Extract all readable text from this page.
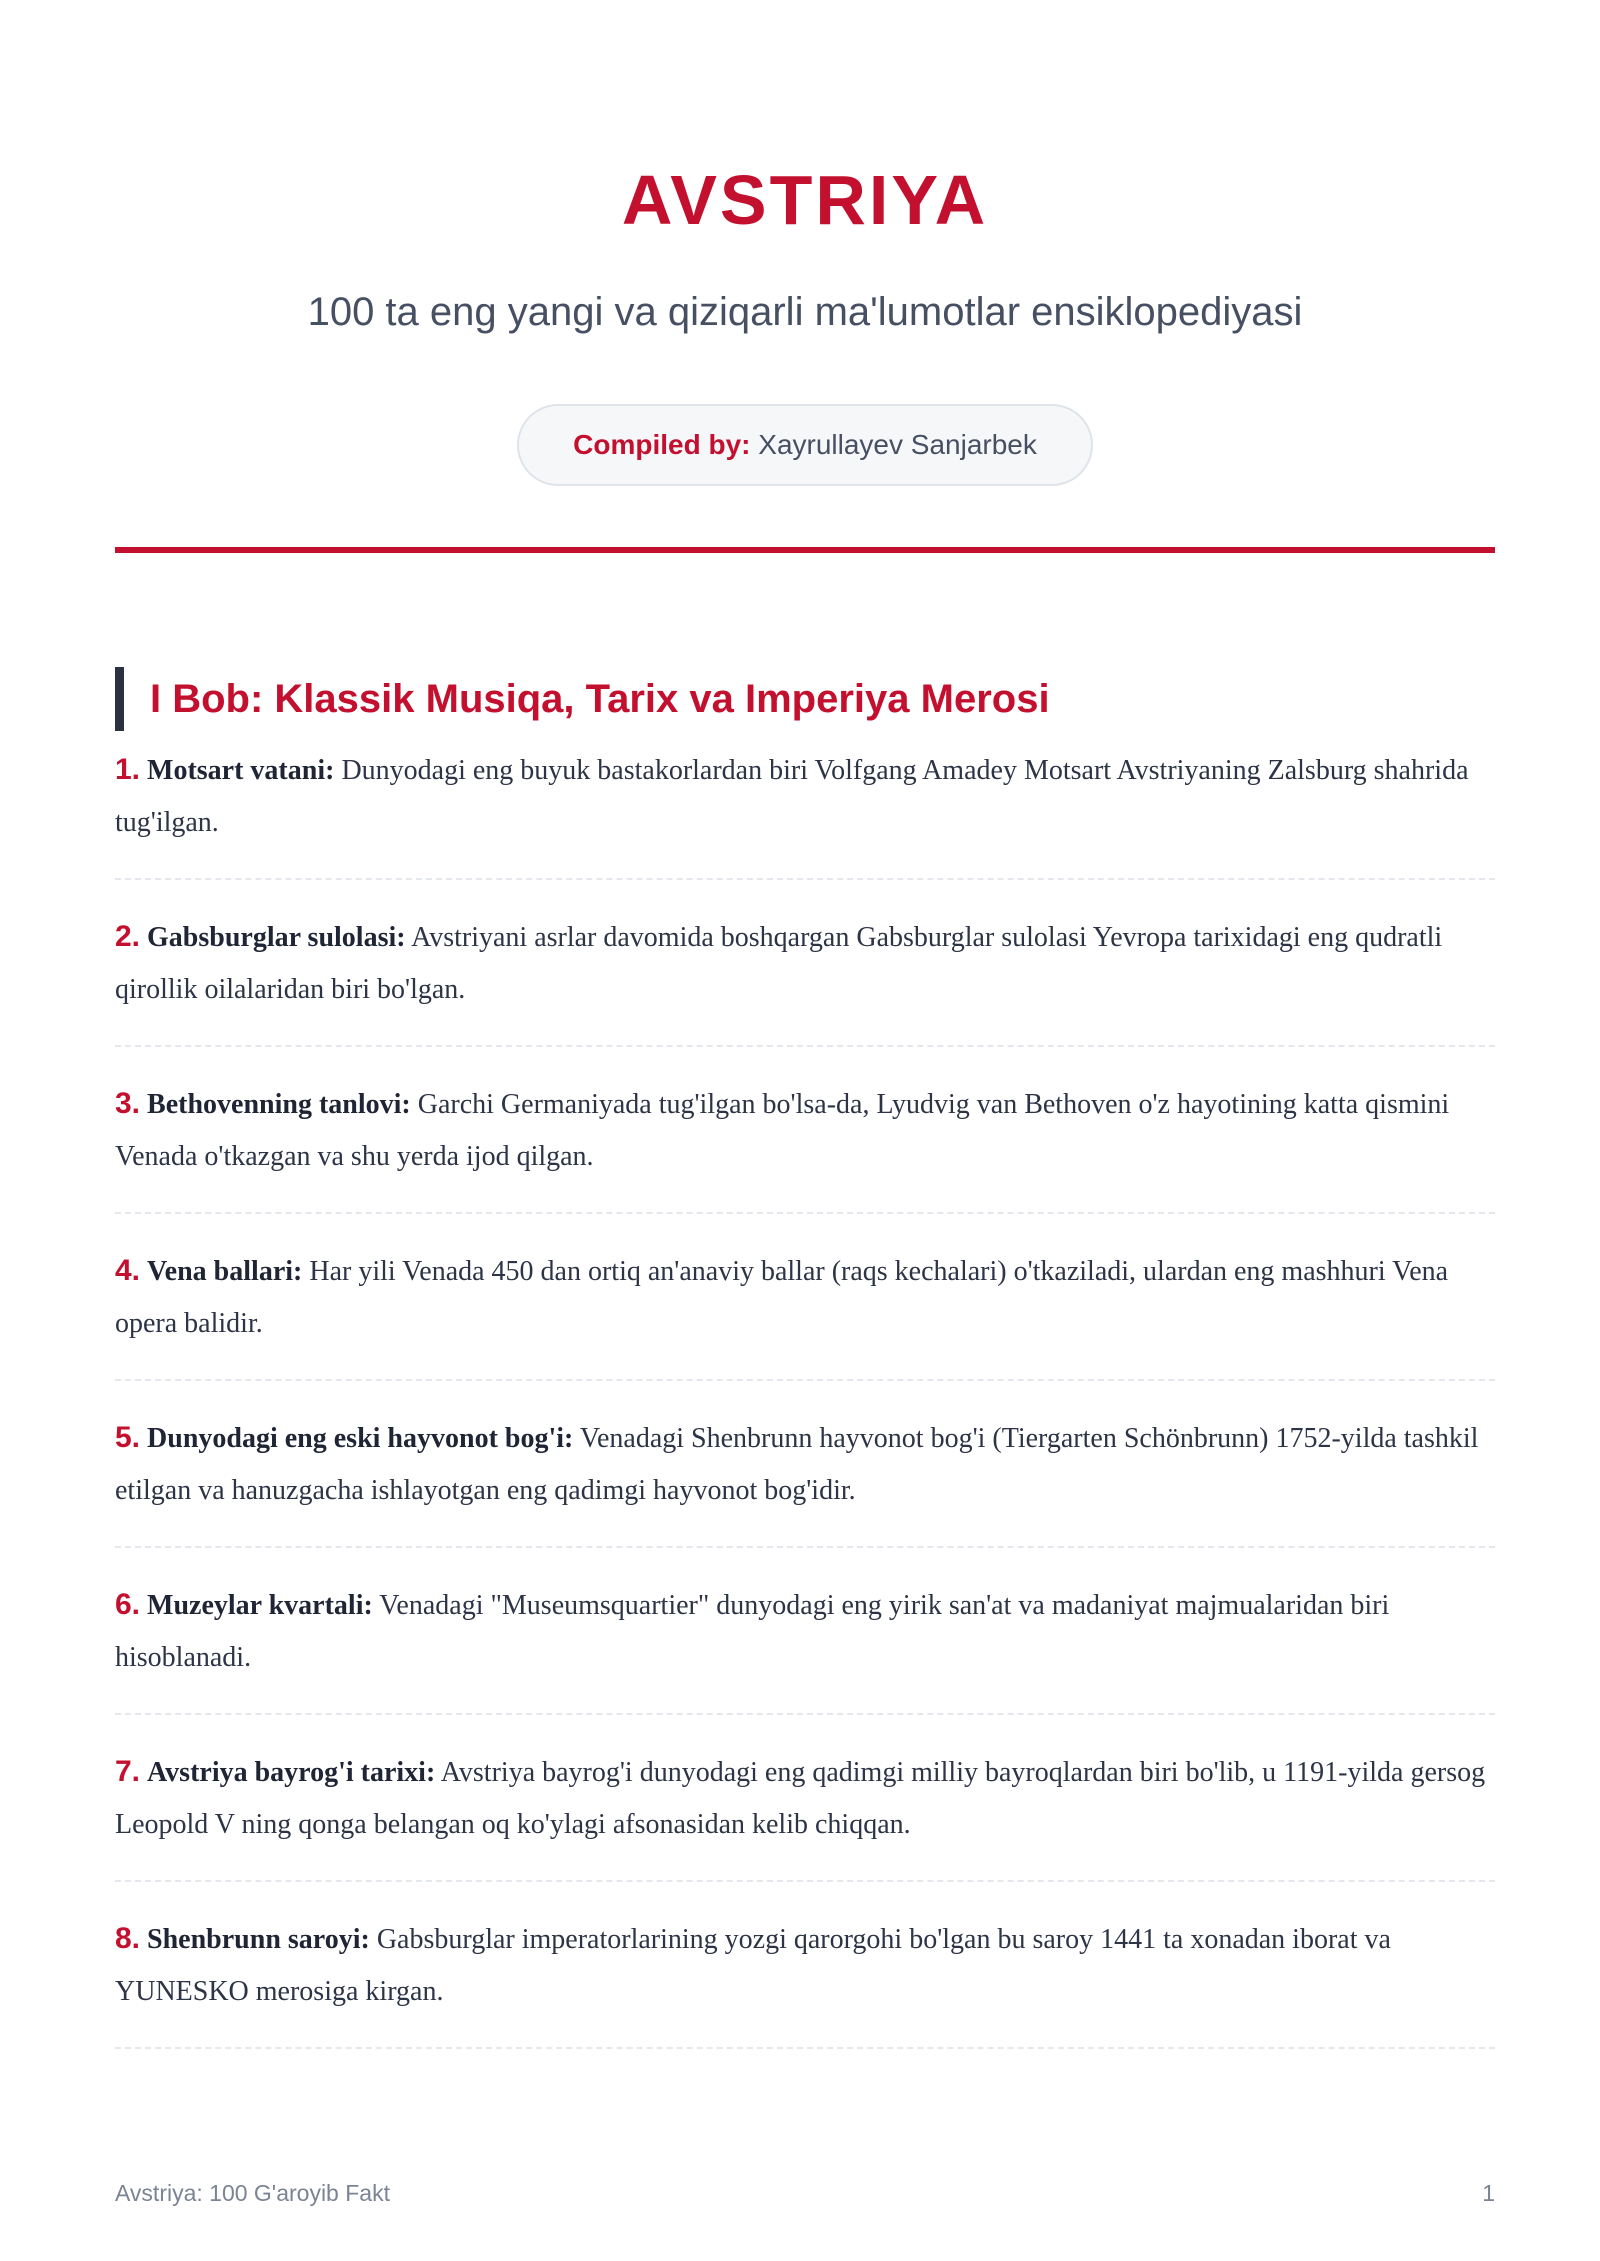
AVSTRIYA

100 ta eng yangi va qiziqarli ma'lumotlar ensiklopediyasi

Compiled by: Xayrullayev Sanjarbek
I Bob: Klassik Musiqa, Tarix va Imperiya Merosi
1. Motsart vatani: Dunyodagi eng buyuk bastakorlardan biri Volfgang Amadey Motsart Avstriyaning Zalsburg shahrida tug'ilgan.
2. Gabsburglar sulolasi: Avstriyani asrlar davomida boshqargan Gabsburglar sulolasi Yevropa tarixidagi eng qudratli qirollik oilalaridan biri bo'lgan.
3. Bethovenning tanlovi: Garchi Germaniyada tug'ilgan bo'lsa-da, Lyudvig van Bethoven o'z hayotining katta qismini Venada o'tkazgan va shu yerda ijod qilgan.
4. Vena ballari: Har yili Venada 450 dan ortiq an'anaviy ballar (raqs kechalari) o'tkaziladi, ulardan eng mashhuri Vena opera balidir.
5. Dunyodagi eng eski hayvonot bog'i: Venadagi Shenbrunn hayvonot bog'i (Tiergarten Schönbrunn) 1752-yilda tashkil etilgan va hanuzgacha ishlayotgan eng qadimgi hayvonot bog'idir.
6. Muzeylar kvartali: Venadagi "Museumsquartier" dunyodagi eng yirik san'at va madaniyat majmualaridan biri hisoblanadi.
7. Avstriya bayrog'i tarixi: Avstriya bayrog'i dunyodagi eng qadimgi milliy bayroqlardan biri bo'lib, u 1191-yilda gersog Leopold V ning qonga belangan oq ko'ylagi afsonasidan kelib chiqqan.
8. Shenbrunn saroyi: Gabsburglar imperatorlarining yozgi qarorgohi bo'lgan bu saroy 1441 ta xonadan iborat va YUNESKO merosiga kirgan.
Avstriya: 100 G'aroyib Fakt	1
